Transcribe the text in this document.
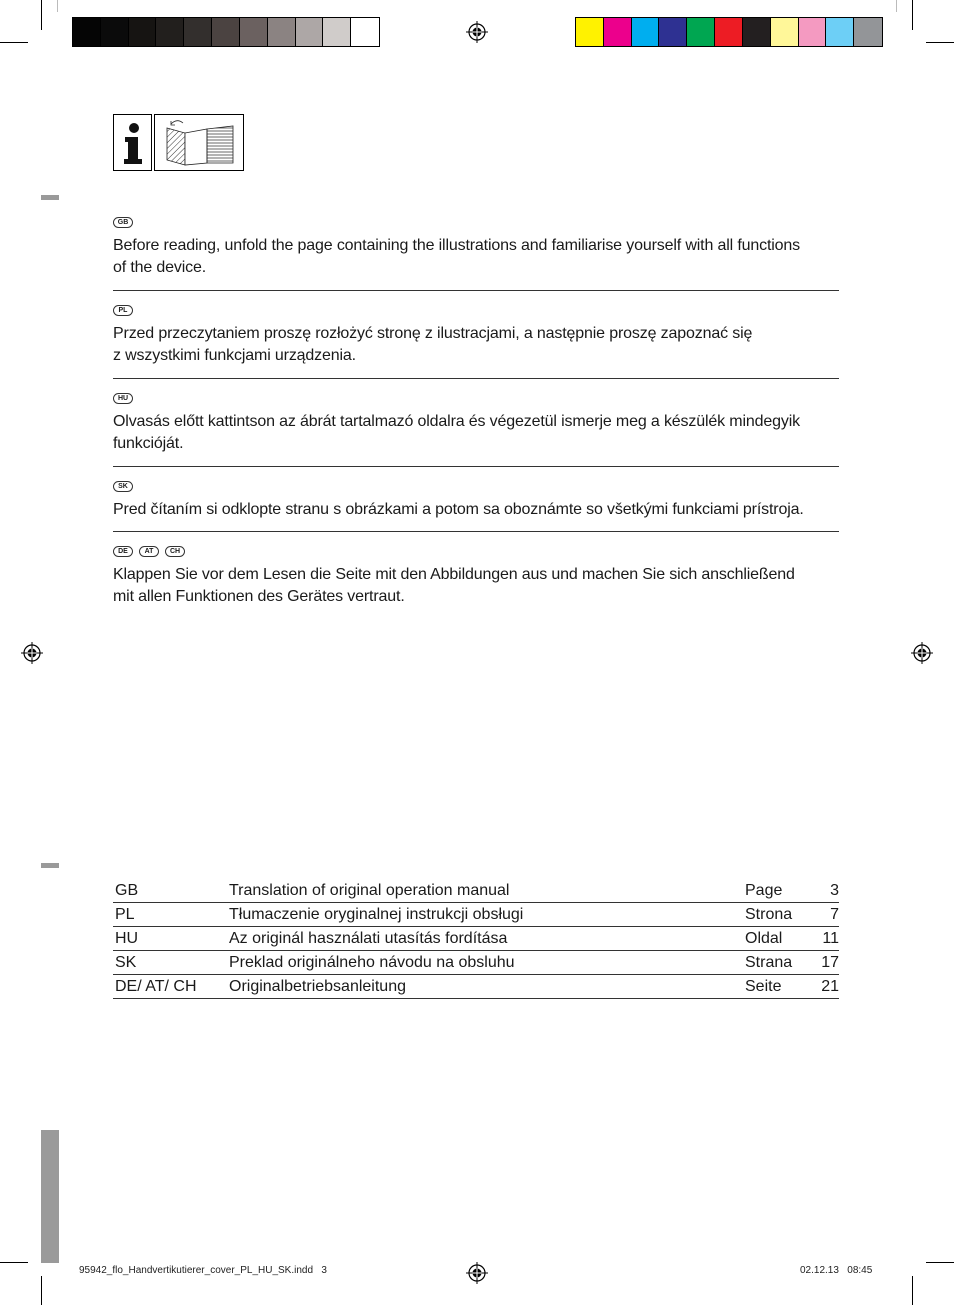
GB

Before reading, unfold the page containing the illustrations and familiarise yourself with all functions
of the device.

PL

Przed przeczytaniem proszę rozłożyć stronę z ilustracjami, a następnie proszę zapoznać się
z wszystkimi funkcjami urządzenia.

HU

Olvasás előtt kattintson az ábrát tartalmazó oldalra és végezetül ismerje meg a készülék mindegyik
funkcióját.

SK

Pred čítaním si odklopte stranu s obrázkami a potom sa oboznámte so všetkými funkciami prístroja.

DE	AT	CH

Klappen Sie vor dem Lesen die Seite mit den Abbildungen aus und machen Sie sich anschließend
mit allen Funktionen des Gerätes vertraut.

GB	Translation of original operation manual	Page	3
PL	Tłumaczenie oryginalnej instrukcji obsługi	Strona	7
HU	Az originál használati utasítás fordítása	Oldal	11
SK	Preklad originálneho návodu na obsluhu	Strana	17
DE/ AT/ CH	Originalbetriebsanleitung	Seite	21
95942_flo_Handvertikutierer_cover_PL_HU_SK.indd   3	02.12.13   08:45
